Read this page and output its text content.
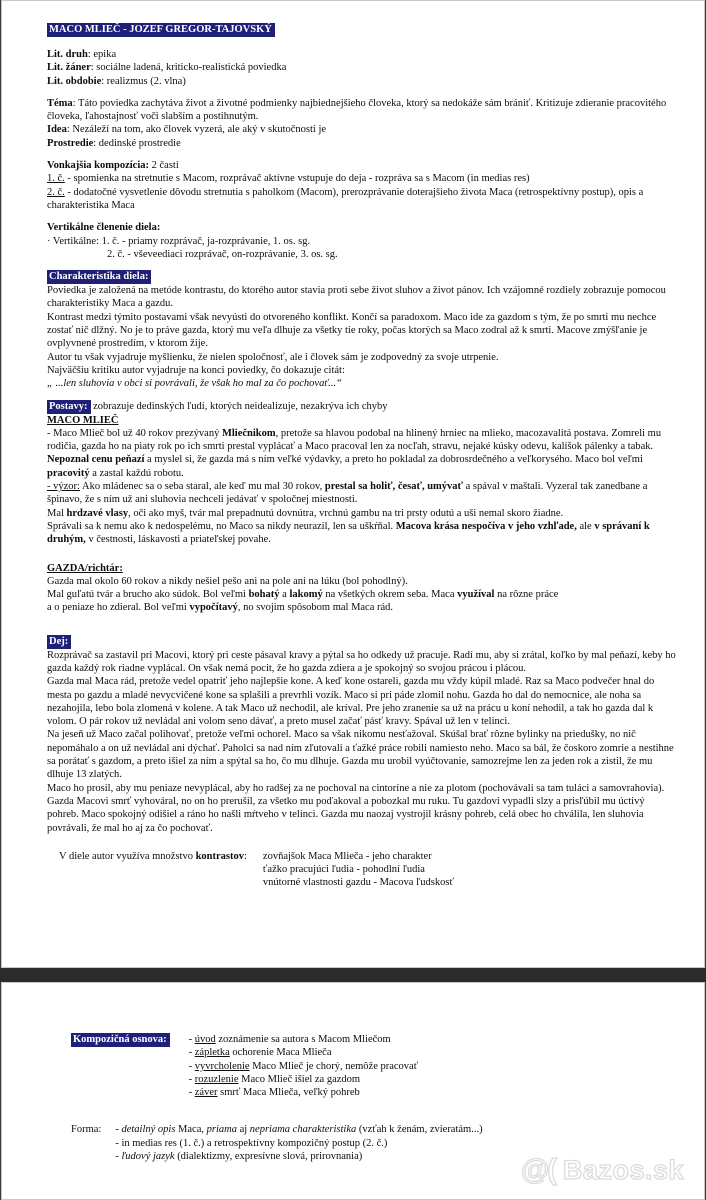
MACO MLIEČ - JOZEF GREGOR-TAJOVSKÝ

Lit. druh: epika

Lit. žáner: sociálne ladená, kriticko-realistická poviedka

Lit. obdobie: realizmus (2. vlna)

Téma: Táto poviedka zachytáva život a životné podmienky najbiednejšieho človeka, ktorý sa nedokáže sám brániť. Kritizuje zdieranie pracovitého človeka, ľahostajnosť voči slabším a postihnutým.

Idea: Nezáleží na tom, ako človek vyzerá, ale aký v skutočnosti je

Prostredie: dedinské prostredie

Vonkajšia kompozícia: 2 časti

1. č. - spomienka na stretnutie s Macom, rozprávač aktívne vstupuje do deja - rozpráva sa s Macom (in medias res)

2. č. - dodatočné vysvetlenie dôvodu stretnutia s paholkom (Macom), prerozprávanie doterajšieho života Maca (retrospektívny postup), opis a charakteristika Maca

Vertikálne členenie diela:

· Vertikálne: 1. č. - priamy rozprávač, ja-rozprávanie, 1. os. sg.

2. č. - vševeediaci rozprávač, on-rozprávanie, 3. os. sg.

Charakteristika diela:

Poviedka je založená na metóde kontrastu, do ktorého autor stavia proti sebe život sluhov a život pánov. Ich vzájomné rozdiely zobrazuje pomocou charakteristiky Maca a gazdu.

Kontrast medzi týmito postavami však nevyústi do otvoreného konflikt. Končí sa paradoxom. Maco ide za gazdom s tým, že po smrti mu nechce zostať nič dlžný. No je to práve gazda, ktorý mu veľa dlhuje za všetky tie roky, počas ktorých sa Maco zodral až k smrti. Macove zmýšľanie je ovplyvnené prostredím, v ktorom žije.

Autor tu však vyjadruje myšlienku, že nielen spoločnosť, ale i človek sám je zodpovedný za svoje utrpenie.

Najväčšiu kritiku autor vyjadruje na konci poviedky, čo dokazuje citát:

„ ...len sluhovia v obci si povrávali, že však ho mal za čo pochovať...“

Postavy: zobrazuje dedinských ľudí, ktorých neidealizuje, nezakrýva ich chyby

MACO MLIEČ

- Maco Mlieč bol už 40 rokov prezývaný Mliečnikom, pretože sa hlavou podobal na hlinený hrniec na mlieko, macozavalitá postava. Zomreli mu rodičia, gazda ho na piaty rok po ich smrti prestal vyplácať a Maco pracoval len za nocľah, stravu, nejaké kúsky odevu, kalíšok pálenky a tabak. Nepoznal cenu peňazí a myslel si, že gazda má s ním veľké výdavky, a preto ho pokladal za dobrosrdečného a veľkorysého. Maco bol veľmi pracovitý a zastal každú robotu.

- výzor: Ako mládenec sa o seba staral, ale keď mu mal 30 rokov, prestal sa holiť, česať, umývať a spával v maštali. Vyzeral tak zanedbane a špinavo, že s ním už ani sluhovia nechceli jedávať v spoločnej miestnosti.

Mal hrdzavé vlasy, oči ako myš, tvár mal prepadnutú dovnútra, vrchnú gambu na tri prsty odutú a uši nemal skoro žiadne.

Správali sa k nemu ako k nedospelému, no Maco sa nikdy neurazil, len sa uškŕňal. Macova krása nespočíva v jeho vzhľade, ale v správaní k druhým, v čestnosti, láskavosti a priateľskej povahe.

GAZDA/richtár:

Gazda mal okolo 60 rokov a nikdy nešiel pešo ani na pole ani na lúku (bol pohodlný).

Mal guľatú tvár a brucho ako súdok. Bol veľmi bohatý a lakomý na všetkých okrem seba. Maca využíval na rôzne práce

a o peniaze ho zdieral. Bol veľmi vypočítavý, no svojim spôsobom mal Maca rád.

Dej:

Rozprávač sa zastavil pri Macovi, ktorý pri ceste pásaval kravy a pýtal sa ho odkedy už pracuje. Radí mu, aby si zrátal, koľko by mal peňazí, keby ho gazda každý rok riadne vyplácal. On však nemá pocit, že ho gazda zdiera a je spokojný so svojou prácou i plácou.

Gazda mal Maca rád, pretože vedel opatriť jeho najlepšie kone. A keď kone ostareli, gazda mu vždy kúpil mladé. Raz sa Maco podvečer hnal do mesta po gazdu a mladé nevycvičené kone sa splašili a prevrhli vozík. Maco si pri páde zlomil nohu. Gazda ho dal do nemocnice, ale noha sa nezahojila, lebo bola zlomená v kolene. A tak Maco už nechodil, ale kríval. Pre jeho zranenie sa už na prácu u koní nehodil, a tak ho gazda dal k volom. O pár rokov už nevládal ani volom seno dávať, a preto musel začať pásť kravy. Spával už len v telinci.

Na jeseň už Maco začal polihovať, pretože veľmi ochorel. Maco sa však nikomu nesťažoval. Skúšal brať rôzne bylinky na priedušky, no nič nepomáhalo a on už nevládal ani dýchať. Paholci sa nad ním zľutovali a ťažké práce robili namiesto neho. Maco sa bál, že čoskoro zomrie a nestihne sa porátať s gazdom, a preto išiel za ním a spýtal sa ho, čo mu dlhuje. Gazda mu urobil vyúčtovanie, samozrejme len za jeden rok a zistil, že mu dlhuje 13 zlatých.

Maco ho prosil, aby mu peniaze nevyplácal, aby ho radšej za ne pochoval na cintoríne a nie za plotom (pochovávali sa tam tuláci a samovrahovia). Gazda Macovi smrť vyhováral, no on ho prerušil, za všetko mu poďakoval a pobozkal mu ruku. Tu gazdovi vypadli slzy a prisľúbil mu úctivý pohreb. Maco spokojný odišiel a ráno ho našli mŕtveho v telinci. Gazda mu naozaj vystrojil krásny pohreb, celá obec ho chválila, len sluhovia povrávali, že mal ho aj za čo pochovať.

V diele autor využíva množstvo kontrastov: zovňajšok Maca Mlieča - jeho charakter

ťažko pracujúci ľudia - pohodlní ľudia

vnútorné vlastnosti gazdu - Macova ľudskosť

Kompozičná osnova: - úvod zoznámenie sa autora s Macom Mliečom

- zápletka ochorenie Maca Mlieča

- vyvrcholenie Maco Mlieč je chorý, nemôže pracovať

- rozuzlenie Maco Mlieč išiel za gazdom

- záver smrť Maca Mlieča, veľký pohreb

Forma: - detailný opis Maca, priama aj nepriama charakteristika (vzťah k ženám, zvieratám...)

- in medias res (1. č.) a retrospektívny kompozičný postup (2. č.)

- ľudový jazyk (dialektizmy, expresívne slová, prirovnania)	@( Bazos.sk
